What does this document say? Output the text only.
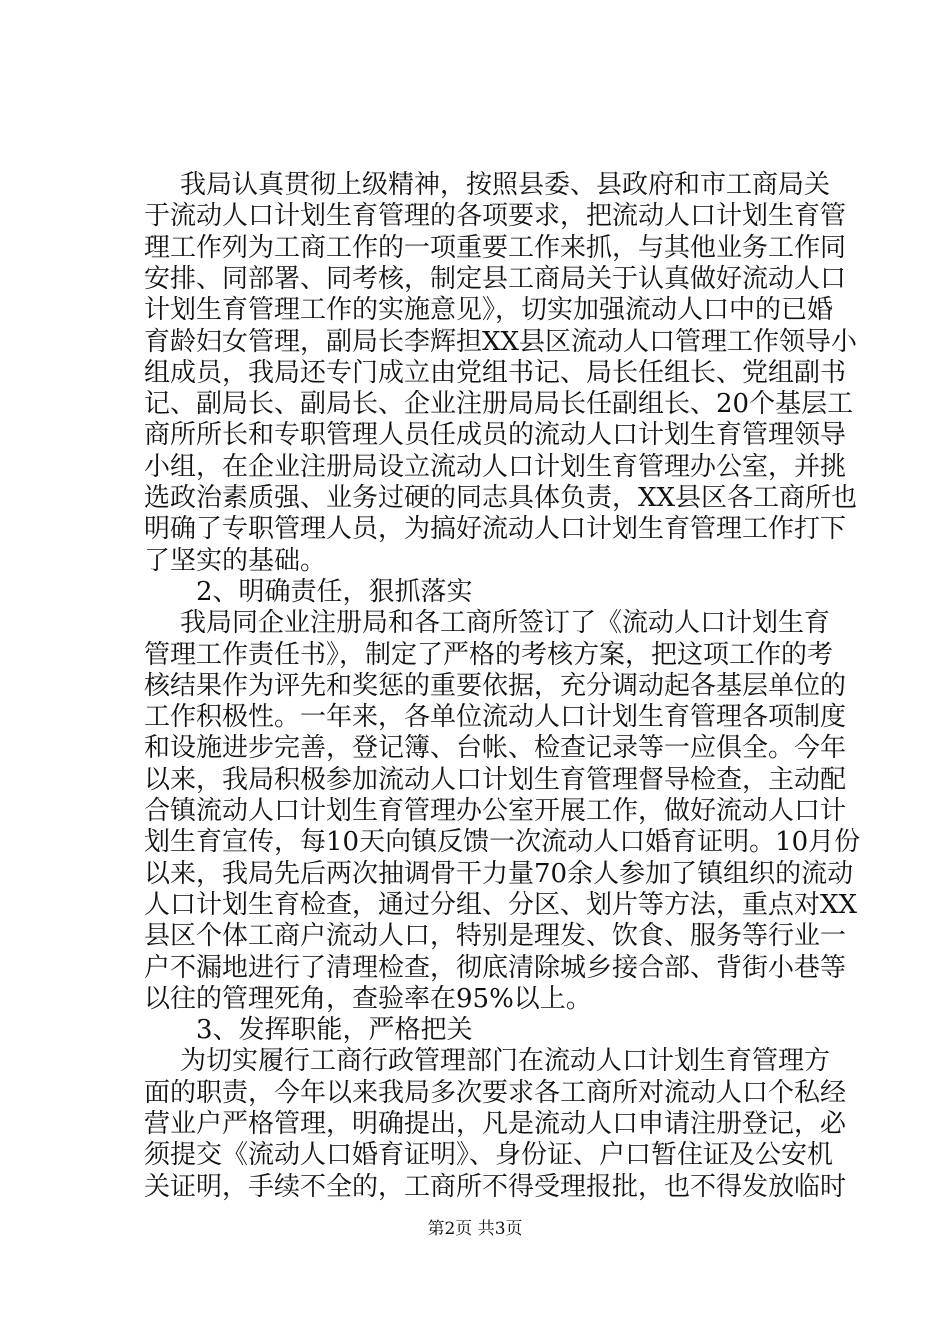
我局认真贯彻上级精神，按照县委、县政府和市工商局关
于流动人口计划生育管理的各项要求，把流动人口计划生育管
理工作列为工商工作的一项重要工作来抓，与其他业务工作同
安排、同部署、同考核，制定县工商局关于认真做好流动人口
计划生育管理工作的实施意见》，切实加强流动人口中的已婚
育龄妇女管理，副局长李辉担XX县区流动人口管理工作领导小
组成员，我局还专门成立由党组书记、局长任组长、党组副书
记、副局长、副局长、企业注册局局长任副组长、20个基层工
商所所长和专职管理人员任成员的流动人口计划生育管理领导
小组，在企业注册局设立流动人口计划生育管理办公室，并挑
选政治素质强、业务过硬的同志具体负责，XX县区各工商所也
明确了专职管理人员，为搞好流动人口计划生育管理工作打下
了坚实的基础。
2、明确责任，狠抓落实
我局同企业注册局和各工商所签订了《流动人口计划生育
管理工作责任书》，制定了严格的考核方案，把这项工作的考
核结果作为评先和奖惩的重要依据，充分调动起各基层单位的
工作积极性。一年来，各单位流动人口计划生育管理各项制度
和设施进步完善，登记簿、台帐、检查记录等一应俱全。今年
以来，我局积极参加流动人口计划生育管理督导检查，主动配
合镇流动人口计划生育管理办公室开展工作，做好流动人口计
划生育宣传，每10天向镇反馈一次流动人口婚育证明。10月份
以来，我局先后两次抽调骨干力量70余人参加了镇组织的流动
人口计划生育检查，通过分组、分区、划片等方法，重点对XX
县区个体工商户流动人口，特别是理发、饮食、服务等行业一
户不漏地进行了清理检查，彻底清除城乡接合部、背街小巷等
以往的管理死角，查验率在95%以上。
3、发挥职能，严格把关
第2页 共3页
为切实履行工商行政管理部门在流动人口计划生育管理方
面的职责，今年以来我局多次要求各工商所对流动人口个私经
营业户严格管理，明确提出，凡是流动人口申请注册登记，必
须提交《流动人口婚育证明》、身份证、户口暂住证及公安机
关证明，手续不全的，工商所不得受理报批，也不得发放临时
